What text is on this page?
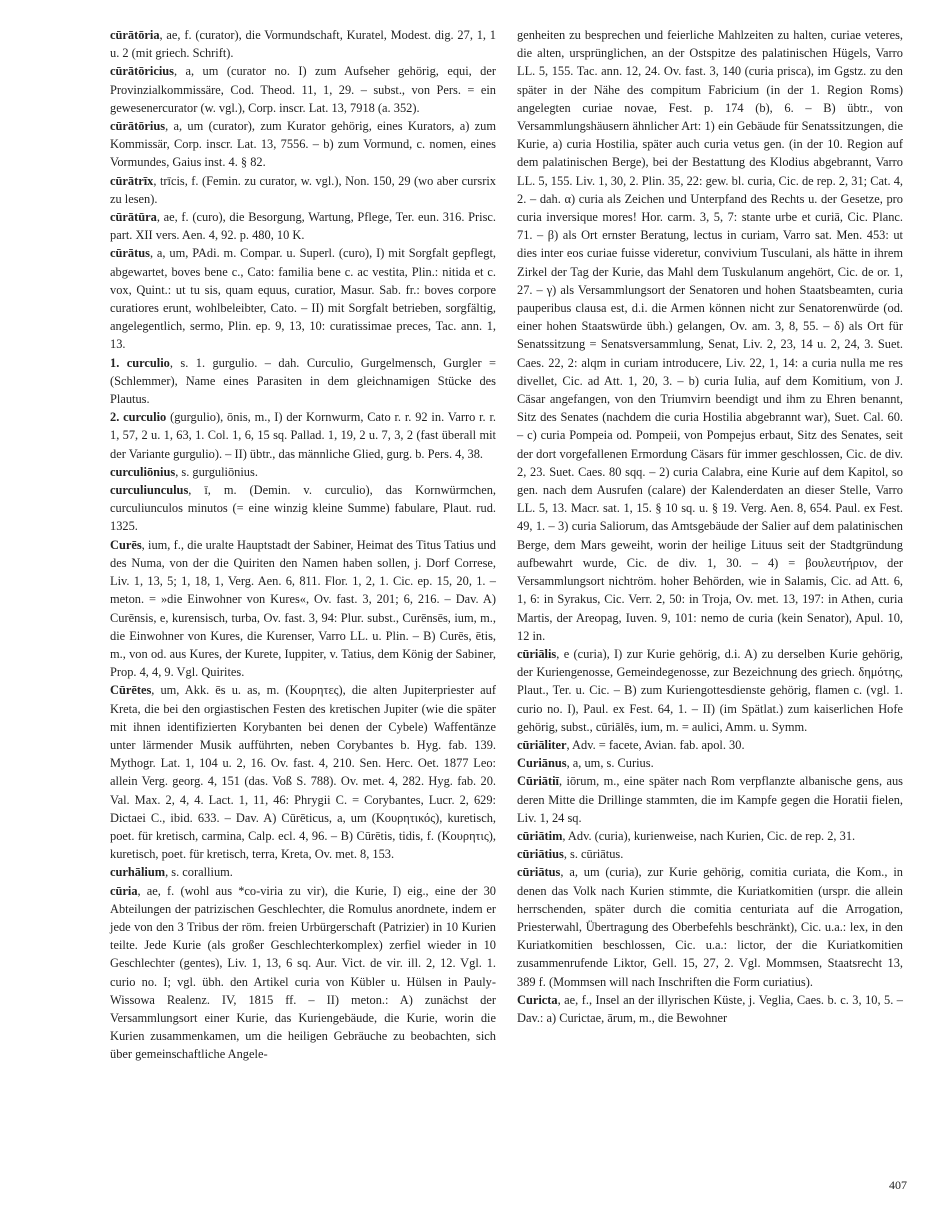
cūrātōria, ae, f. (curator), die Vormundschaft, Kuratel, Modest. dig. 27, 1, 1 u. 2 (mit griech. Schrift).

cūrātōricius, a, um (curator no. I) zum Aufseher gehörig, equi, der Provinzialkommissäre, Cod. Theod. 11, 1, 29. – subst., von Pers. = ein gewesenercurator (w. vgl.), Corp. inscr. Lat. 13, 7918 (a. 352).

cūrātōrius, a, um (curator), zum Kurator gehörig, eines Kurators, a) zum Kommissär, Corp. inscr. Lat. 13, 7556. – b) zum Vormund, c. nomen, eines Vormundes, Gaius inst. 4. § 82.

cūrātrīx, trīcis, f. (Femin. zu curator, w. vgl.), Non. 150, 29 (wo aber cursrix zu lesen).

cūrātūra, ae, f. (curo), die Besorgung, Wartung, Pflege, Ter. eun. 316. Prisc. part. XII vers. Aen. 4, 92. p. 480, 10 K.

cūrātus, a, um, PAdi. m. Compar. u. Superl. (curo), I) mit Sorgfalt gepflegt, abgewartet, boves bene c., Cato: familia bene c. ac vestita, Plin.: nitida et c. vox, Quint.: ut tu sis, quam equus, curatior, Masur. Sab. fr.: boves corpore curatiores erunt, wohlbeleibter, Cato. – II) mit Sorgfalt betrieben, sorgfältig, angelegentlich, sermo, Plin. ep. 9, 13, 10: curatissimae preces, Tac. ann. 1, 13.

1. curculio, s. 1. gurgulio. – dah. Curculio, Gurgelmensch, Gurgler = (Schlemmer), Name eines Parasiten in dem gleichnamigen Stücke des Plautus.

2. curculio (gurgulio), ōnis, m., I) der Kornwurm, Cato r. r. 92 in. Varro r. r. 1, 57, 2 u. 1, 63, 1. Col. 1, 6, 15 sq. Pallad. 1, 19, 2 u. 7, 3, 2 (fast überall mit der Variante gurgulio). – II) übtr., das männliche Glied, gurg. b. Pers. 4, 38.

curculiōnius, s. gurguliōnius.

curculiunculus, ī, m. (Demin. v. curculio), das Kornwürmchen, curculiunculos minutos (= eine winzig kleine Summe) fabulare, Plaut. rud. 1325.

Curēs, ium, f., die uralte Hauptstadt der Sabiner, Heimat des Titus Tatius und des Numa, von der die Quiriten den Namen haben sollen, j. Dorf Correse, Liv. 1, 13, 5; 1, 18, 1, Verg. Aen. 6, 811. Flor. 1, 2, 1. Cic. ep. 15, 20, 1. – meton. = »die Einwohner von Kures«, Ov. fast. 3, 201; 6, 216. – Dav. A) Curēnsis, e, kurensisch, turba, Ov. fast. 3, 94: Plur. subst., Curēnsēs, ium, m., die Einwohner von Kures, die Kurenser, Varro LL. u. Plin. – B) Curēs, ētis, m., von od. aus Kures, der Kurete, Iuppiter, v. Tatius, dem König der Sabiner, Prop. 4, 4, 9. Vgl. Quirites.

Cūrētes, um, Akk. ēs u. as, m. (Κουρητες), die alten Jupiterpriester auf Kreta, die bei den orgiastischen Festen des kretischen Jupiter (wie die später mit ihnen identifizierten Korybanten bei denen der Cybele) Waffentänze unter lärmender Musik aufführten, neben Corybantes b. Hyg. fab. 139. Mythogr. Lat. 1, 104 u. 2, 16. Ov. fast. 4, 210. Sen. Herc. Oet. 1877 Leo: allein Verg. georg. 4, 151 (das. Voß S. 788). Ov. met. 4, 282. Hyg. fab. 20. Val. Max. 2, 4, 4. Lact. 1, 11, 46: Phrygii C. = Corybantes, Lucr. 2, 629: Dictaei C., ibid. 633. – Dav. A) Cūrēticus, a, um (Κουρητικός), kuretisch, poet. für kretisch, carmina, Calp. ecl. 4, 96. – B) Cūrētis, tidis, f. (Κουρητις), kuretisch, poet. für kretisch, terra, Kreta, Ov. met. 8, 153.

curhālium, s. corallium.

cūria, ae, f. (wohl aus *co-viria zu vir), die Kurie, I) eig., eine der 30 Abteilungen der patrizischen Geschlechter, die Romulus anordnete, indem er jede von den 3 Tribus der röm. freien Urbürgerschaft (Patrizier) in 10 Kurien teilte. Jede Kurie (als großer Geschlechterkomplex) zerfiel wieder in 10 Geschlechter (gentes), Liv. 1, 13, 6 sq. Aur. Vict. de vir. ill. 2, 12. Vgl. 1. curio no. I; vgl. übh. den Artikel curia von Kübler u. Hülsen in Pauly-Wissowa Realenz. IV, 1815 ff. – II) meton.: A) zunächst der Versammlungsort einer Kurie, das Kuriengebäude, die Kurie, worin die Kurien zusammenkamen, um die heiligen Gebräuche zu beobachten, sich über gemeinschaftliche Angele-

genheiten zu besprechen und feierliche Mahlzeiten zu halten, curiae veteres, die alten, ursprünglichen, an der Ostspitze des palatinischen Hügels, Varro LL. 5, 155. Tac. ann. 12, 24. Ov. fast. 3, 140 (curia prisca), im Ggstz. zu den später in der Nähe des compitum Fabricium (in der 1. Region Roms) angelegten curiae novae, Fest. p. 174 (b), 6. – B) übtr., von Versammlungshäusern ähnlicher Art: 1) ein Gebäude für Senatssitzungen, die Kurie, a) curia Hostilia, später auch curia vetus gen. (in der 10. Region auf dem palatinischen Berge), bei der Bestattung des Klodius abgebrannt, Varro LL. 5, 155. Liv. 1, 30, 2. Plin. 35, 22: gew. bl. curia, Cic. de rep. 2, 31; Cat. 4, 2. – dah. α) curia als Zeichen und Unterpfand des Rechts u. der Gesetze, pro curia inversique mores! Hor. carm. 3, 5, 7: stante urbe et curiā, Cic. Planc. 71. – β) als Ort ernster Beratung, lectus in curiam, Varro sat. Men. 453: ut dies inter eos curiae fuisse videretur, convivium Tusculani, als hätte in ihrem Zirkel der Tag der Kurie, das Mahl dem Tuskulanum angehört, Cic. de or. 1, 27. – γ) als Versammlungsort der Senatoren und hohen Staatsbeamten, curia pauperibus clausa est, d.i. die Armen können nicht zur Senatorenwürde (od. einer hohen Staatswürde übh.) gelangen, Ov. am. 3, 8, 55. – δ) als Ort für Senatssitzung = Senatsversammlung, Senat, Liv. 2, 23, 14 u. 2, 24, 3. Suet. Caes. 22, 2: alqm in curiam introducere, Liv. 22, 1, 14: a curia nulla me res divellet, Cic. ad Att. 1, 20, 3. – b) curia Iulia, auf dem Komitium, von J. Cäsar angefangen, von den Triumvirn beendigt und ihm zu Ehren benannt, Sitz des Senates (nachdem die curia Hostilia abgebrannt war), Suet. Cal. 60. – c) curia Pompeia od. Pompeii, von Pompejus erbaut, Sitz des Senates, seit der dort vorgefallenen Ermordung Cäsars für immer geschlossen, Cic. de div. 2, 23. Suet. Caes. 80 sqq. – 2) curia Calabra, eine Kurie auf dem Kapitol, so gen. nach dem Ausrufen (calare) der Kalenderdaten an dieser Stelle, Varro LL. 5, 13. Macr. sat. 1, 15. § 10 sq. u. § 19. Verg. Aen. 8, 654. Paul. ex Fest. 49, 1. – 3) curia Saliorum, das Amtsgebäude der Salier auf dem palatinischen Berge, dem Mars geweiht, worin der heilige Lituus seit der Stadtgründung aufbewahrt wurde, Cic. de div. 1, 30. – 4) = βουλευτήριον, der Versammlungsort nichtröm. hoher Behörden, wie in Salamis, Cic. ad Att. 6, 1, 6: in Syrakus, Cic. Verr. 2, 50: in Troja, Ov. met. 13, 197: in Athen, curia Martis, der Areopag, Iuven. 9, 101: nemo de curia (kein Senator), Apul. 10, 12 in.

cūriālis, e (curia), I) zur Kurie gehörig, d.i. A) zu derselben Kurie gehörig, der Kuriengenosse, Gemeindegenosse, zur Bezeichnung des griech. δημότης, Plaut., Ter. u. Cic. – B) zum Kuriengottesdienste gehörig, flamen c. (vgl. 1. curio no. I), Paul. ex Fest. 64, 1. – II) (im Spätlat.) zum kaiserlichen Hofe gehörig, subst., cūriālēs, ium, m. = aulici, Amm. u. Symm.

cūriāliter, Adv. = facete, Avian. fab. apol. 30.

Curiānus, a, um, s. Curius.

Cūriātiī, iōrum, m., eine später nach Rom verpflanzte albanische gens, aus deren Mitte die Drillinge stammten, die im Kampfe gegen die Horatii fielen, Liv. 1, 24 sq.

cūriātim, Adv. (curia), kurienweise, nach Kurien, Cic. de rep. 2, 31.

cūriātius, s. cūriātus.

cūriātus, a, um (curia), zur Kurie gehörig, comitia curiata, die Kom., in denen das Volk nach Kurien stimmte, die Kuriatkomitien (urspr. die allein herrschenden, später durch die comitia centuriata auf die Arrogation, Priesterwahl, Übertragung des Oberbefehls beschränkt), Cic. u.a.: lex, in den Kuriatkomitien beschlossen, Cic. u.a.: lictor, der die Kuriatkomitien zusammenrufende Liktor, Gell. 15, 27, 2. Vgl. Mommsen, Staatsrecht 13, 389 f. (Mommsen will nach Inschriften die Form curiatius).

Curicta, ae, f., Insel an der illyrischen Küste, j. Veglia, Caes. b. c. 3, 10, 5. – Dav.: a) Curictae, ārum, m., die Bewohner

407
